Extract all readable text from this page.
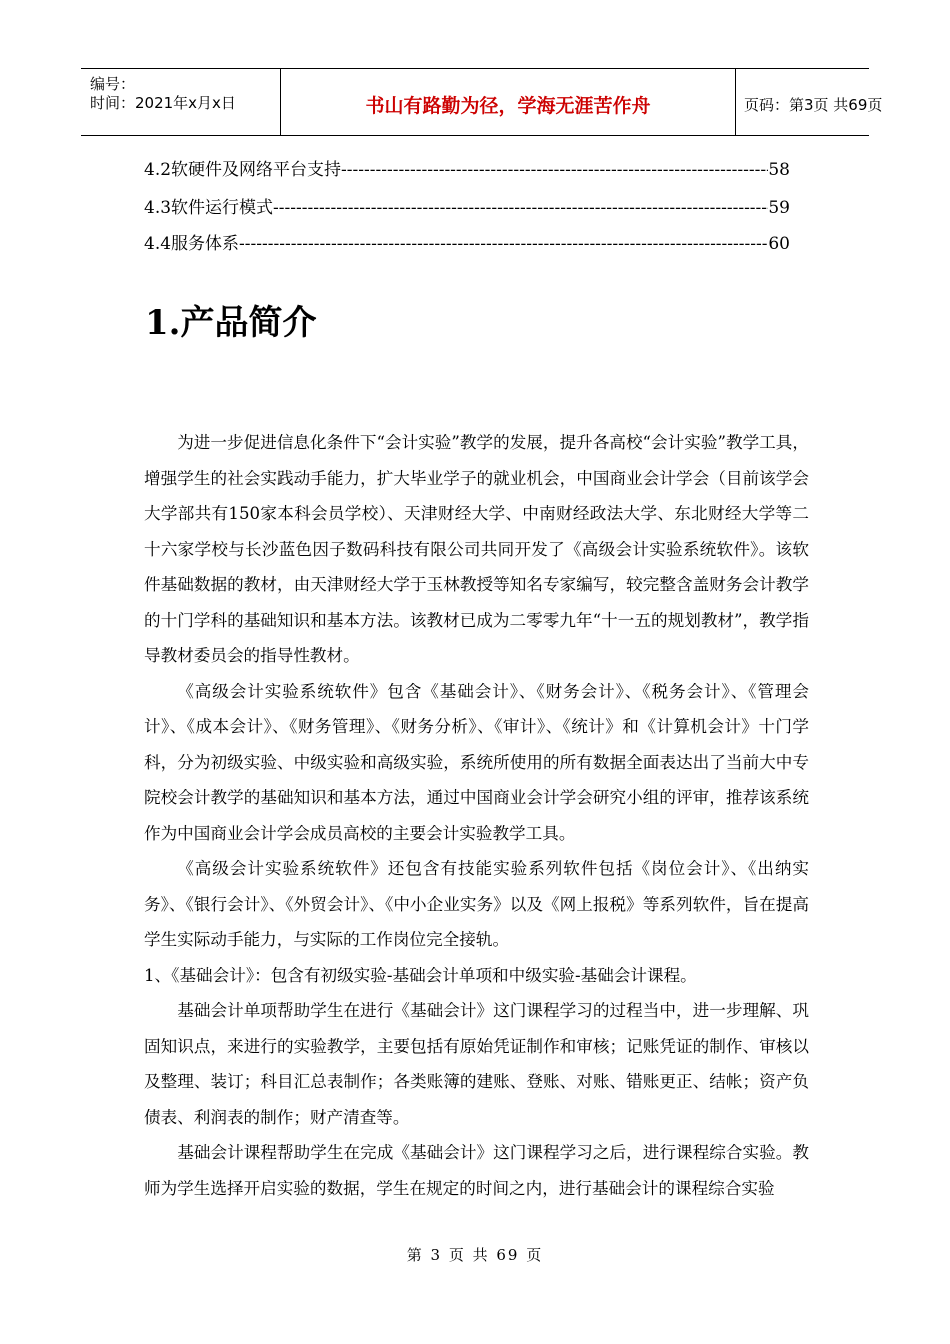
编号：
时间：2021年x月x日	书山有路勤为径，学海无涯苦作舟	页码：第3页 共69页
4.2软硬件及网络平台支持 -----	58
4.3软件运行模式 -----	59
4.4服务体系 -----	60
1.产品简介

为进一步促进信息化条件下“会计实验”教学的发展，提升各高校“会计实验”教学工具，增强学生的社会实践动手能力，扩大毕业学子的就业机会，中国商业会计学会（目前该学会大学部共有150家本科会员学校）、天津财经大学、中南财经政法大学、东北财经大学等二十六家学校与长沙蓝色因子数码科技有限公司共同开发了《高级会计实验系统软件》。该软件基础数据的教材，由天津财经大学于玉林教授等知名专家编写，较完整含盖财务会计教学的十门学科的基础知识和基本方法。该教材已成为二零零九年“十一五的规划教材”，教学指导教材委员会的指导性教材。

《高级会计实验系统软件》包含《基础会计》、《财务会计》、《税务会计》、《管理会计》、《成本会计》、《财务管理》、《财务分析》、《审计》、《统计》和《计算机会计》十门学科，分为初级实验、中级实验和高级实验，系统所使用的所有数据全面表达出了当前大中专院校会计教学的基础知识和基本方法，通过中国商业会计学会研究小组的评审，推荐该系统作为中国商业会计学会成员高校的主要会计实验教学工具。

《高级会计实验系统软件》还包含有技能实验系列软件包括《岗位会计》、《出纳实务》、《银行会计》、《外贸会计》、《中小企业实务》以及《网上报税》等系列软件，旨在提高学生实际动手能力，与实际的工作岗位完全接轨。

1、《基础会计》：包含有初级实验-基础会计单项和中级实验-基础会计课程。

基础会计单项帮助学生在进行《基础会计》这门课程学习的过程当中，进一步理解、巩固知识点，来进行的实验教学，主要包括有原始凭证制作和审核；记账凭证的制作、审核以及整理、装订；科目汇总表制作；各类账簿的建账、登账、对账、错账更正、结帐；资产负债表、利润表的制作；财产清查等。

基础会计课程帮助学生在完成《基础会计》这门课程学习之后，进行课程综合实验。教师为学生选择开启实验的数据，学生在规定的时间之内，进行基础会计的课程综合实验

第 3 页 共 69 页
